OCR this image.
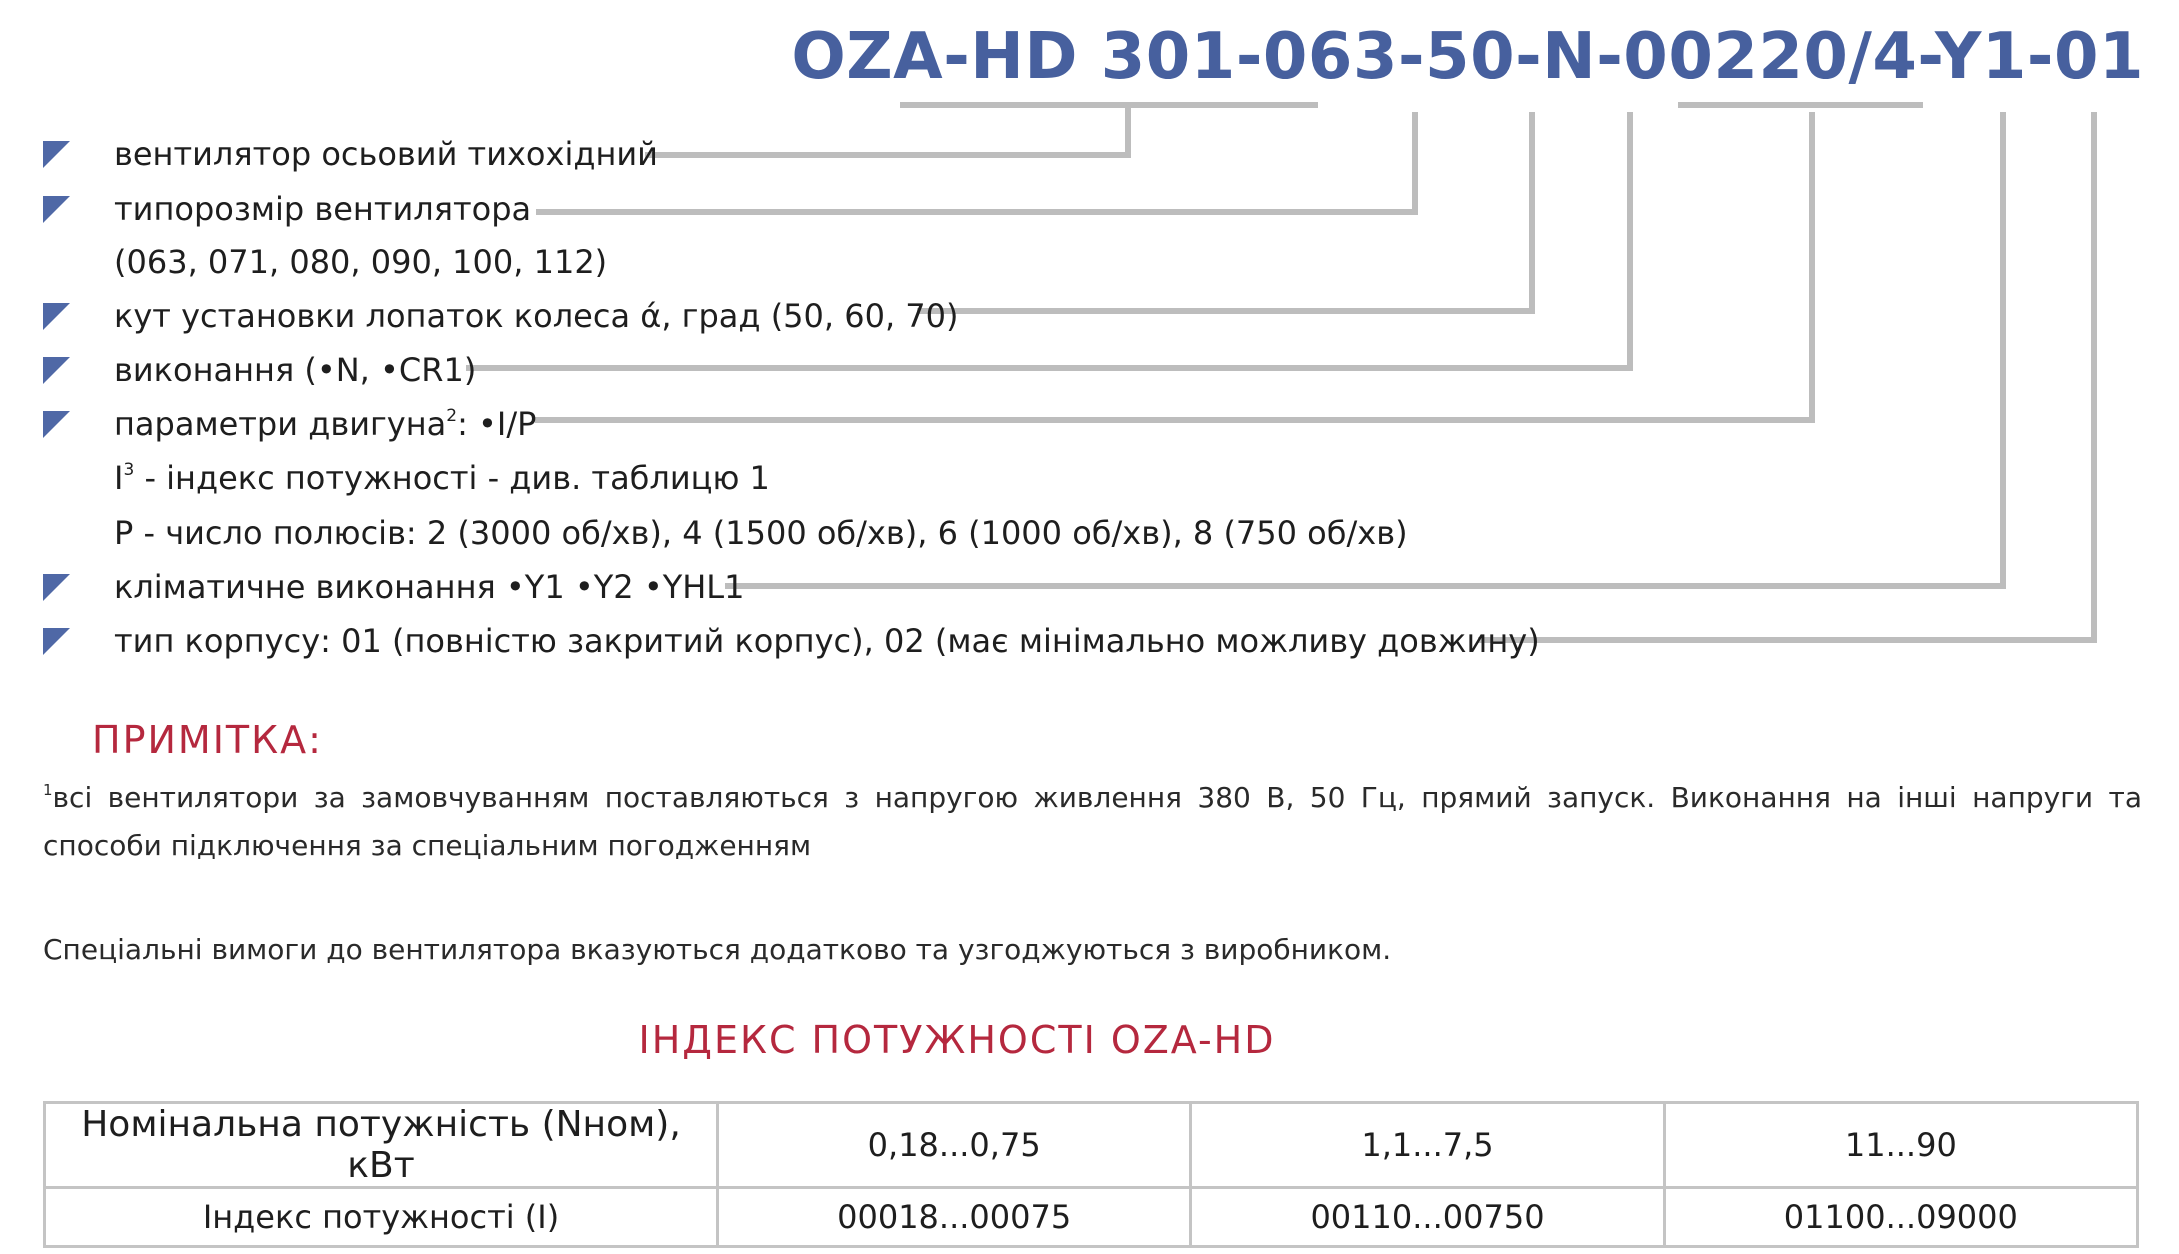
OZA-HD 301-063-50-N-00220/4-Y1-01
вентилятор осьовий тихохідний
типорозмір вентилятора
(063, 071, 080, 090, 100, 112)
кут установки лопаток колеса ά, град (50, 60, 70)
виконання (•N, •CR1)
параметри двигуна$^2$: •I/P
$I^3$ - індекс потужності - див. таблицю 1
P - число полюсів: 2 (3000 об/хв), 4 (1500 об/хв), 6 (1000 об/хв), 8 (750 об/хв)
кліматичне виконання •Y1 •Y2 •YHL1
тип корпусу: 01 (повністю закритий корпус), 02 (має мінімально можливу довжину)
ПРИМІТКА:

$^1$всі вентилятори за замовчуванням поставляються з напругою живлення 380 В, 50 Гц, прямий запуск. Виконання на інші напруги та способи підключення за спеціальним погодженням

Спеціальні вимоги до вентилятора вказуються додатково та узгоджуються з виробником.

ІНДЕКС ПОТУЖНОСТІ OZA-HD
Номінальна потужність (Nном), кВт	0,18...0,75	1,1...7,5	11...90
Індекс потужності (I)	00018...00075	00110...00750	01100...09000
